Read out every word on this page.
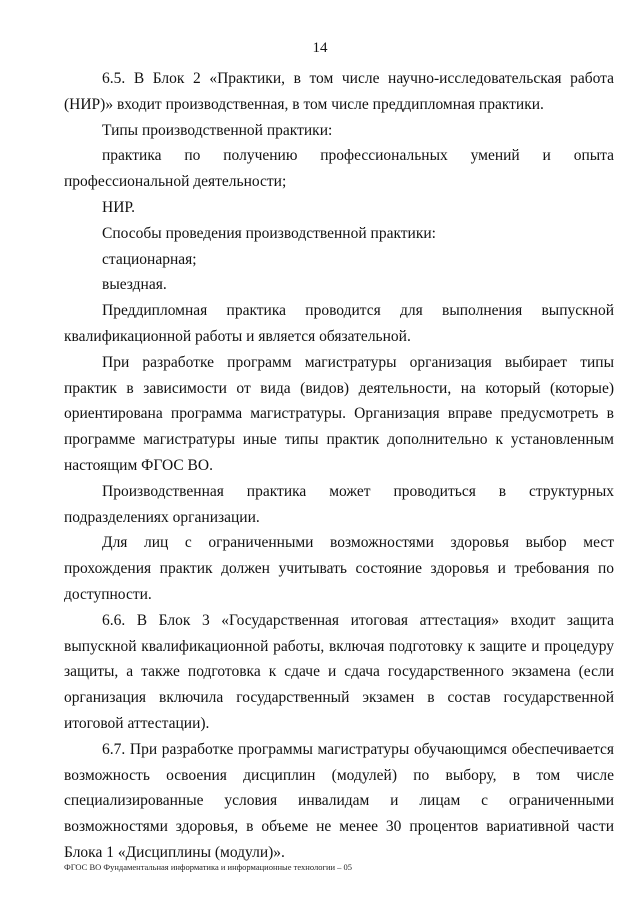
14

6.5. В Блок 2 «Практики, в том числе научно-исследовательская работа (НИР)» входит производственная, в том числе преддипломная практики.

Типы производственной практики:

практика по получению профессиональных умений и опыта профессиональной деятельности;

НИР.

Способы проведения производственной практики:

стационарная;

выездная.

Преддипломная практика проводится для выполнения выпускной квалификационной работы и является обязательной.

При разработке программ магистратуры организация выбирает типы практик в зависимости от вида (видов) деятельности, на который (которые) ориентирована программа магистратуры. Организация вправе предусмотреть в программе магистратуры иные типы практик дополнительно к установленным настоящим ФГОС ВО.

Производственная практика может проводиться в структурных подразделениях организации.

Для лиц с ограниченными возможностями здоровья выбор мест прохождения практик должен учитывать состояние здоровья и требования по доступности.

6.6. В Блок 3 «Государственная итоговая аттестация» входит защита выпускной квалификационной работы, включая подготовку к защите и процедуру защиты, а также подготовка к сдаче и сдача государственного экзамена (если организация включила государственный экзамен в состав государственной итоговой аттестации).

6.7. При разработке программы магистратуры обучающимся обеспечивается возможность освоения дисциплин (модулей) по выбору, в том числе специализированные условия инвалидам и лицам с ограниченными возможностями здоровья, в объеме не менее 30 процентов вариативной части Блока 1 «Дисциплины (модули)».

ФГОС ВО Фундаментальная информатика и информационные технологии – 05
